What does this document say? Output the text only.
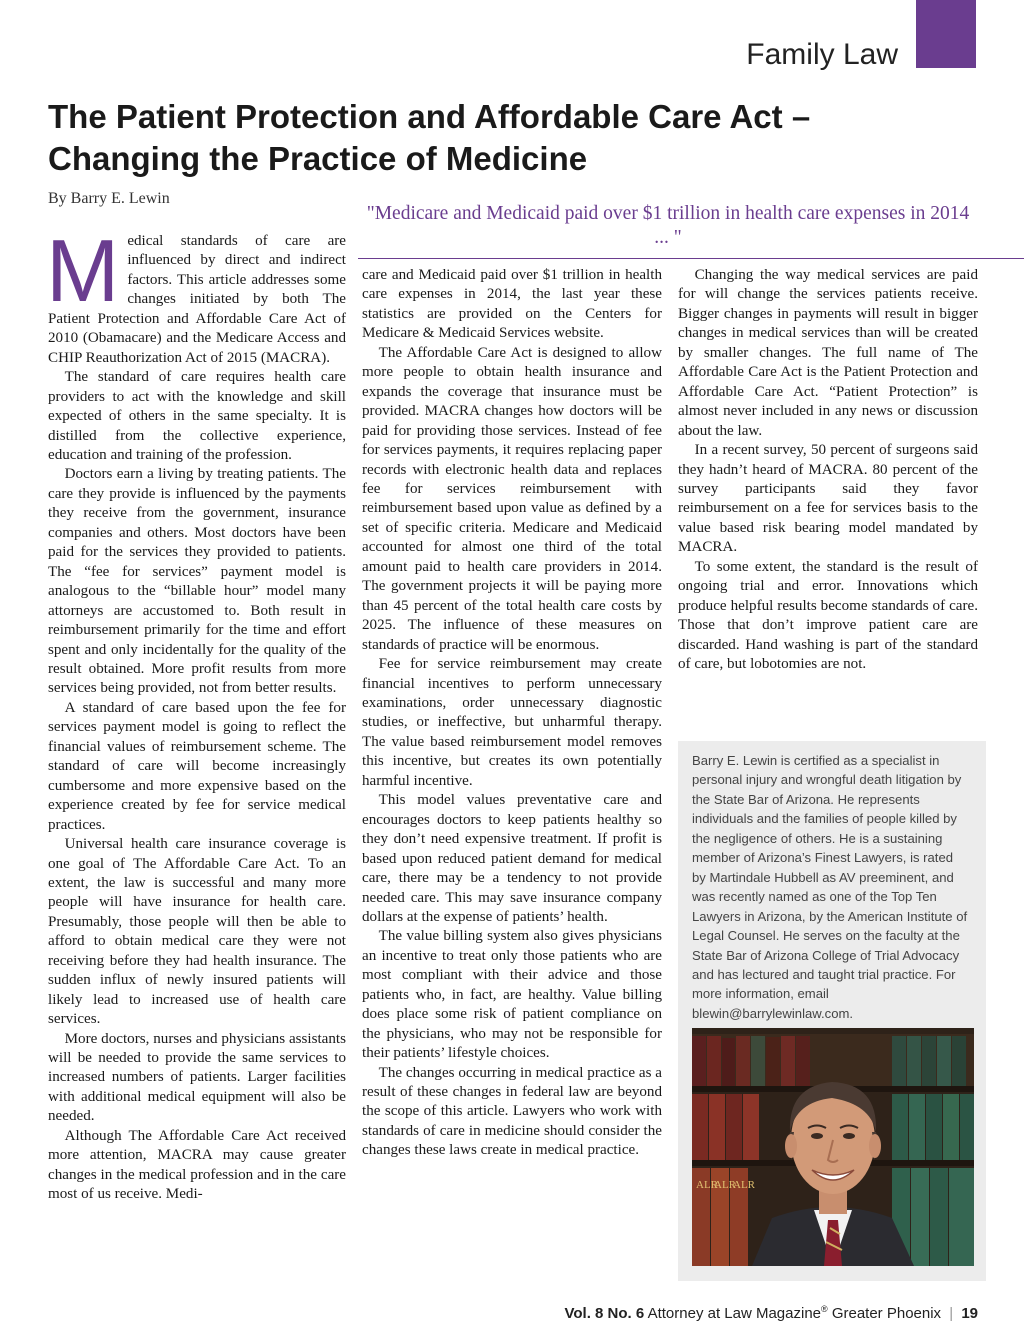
Family Law
The Patient Protection and Affordable Care Act – Changing the Practice of Medicine
By Barry E. Lewin
"Medicare and Medicaid paid over $1 trillion in health care expenses in 2014 ... "

Medical standards of care are influenced by direct and indirect factors. This article addresses some changes initiated by both The Patient Protection and Affordable Care Act of 2010 (Obamacare) and the Medicare Access and CHIP Reauthorization Act of 2015 (MACRA).

The standard of care requires health care providers to act with the knowledge and skill expected of others in the same specialty. It is distilled from the collective experience, education and training of the profession.

Doctors earn a living by treating patients. The care they provide is influenced by the payments they receive from the government, insurance companies and others. Most doctors have been paid for the services they provided to patients. The “fee for services” payment model is analogous to the “billable hour” model many attorneys are accustomed to. Both result in reimbursement primarily for the time and effort spent and only incidentally for the quality of the result obtained. More profit results from more services being provided, not from better results.

A standard of care based upon the fee for services payment model is going to reflect the financial values of reimbursement scheme. The standard of care will become increasingly cumbersome and more expensive based on the experience created by fee for service medical practices.

Universal health care insurance coverage is one goal of The Affordable Care Act. To an extent, the law is successful and many more people will have insurance for health care. Presumably, those people will then be able to afford to obtain medical care they were not receiving before they had health insurance. The sudden influx of newly insured patients will likely lead to increased use of health care services.

More doctors, nurses and physicians assistants will be needed to provide the same services to increased numbers of patients. Larger facilities with additional medical equipment will also be needed.

Although The Affordable Care Act received more attention, MACRA may cause greater changes in the medical profession and in the care most of us receive. Medi-

care and Medicaid paid over $1 trillion in health care expenses in 2014, the last year these statistics are provided on the Centers for Medicare & Medicaid Services website.

The Affordable Care Act is designed to allow more people to obtain health insurance and expands the coverage that insurance must be provided. MACRA changes how doctors will be paid for providing those services. Instead of fee for services payments, it requires replacing paper records with electronic health data and replaces fee for services reimbursement with reimbursement based upon value as defined by a set of specific criteria. Medicare and Medicaid accounted for almost one third of the total amount paid to health care providers in 2014. The government projects it will be paying more than 45 percent of the total health care costs by 2025. The influence of these measures on standards of practice will be enormous.

Fee for service reimbursement may create financial incentives to perform unnecessary examinations, order unnecessary diagnostic studies, or ineffective, but unharmful therapy. The value based reimbursement model removes this incentive, but creates its own potentially harmful incentive.

This model values preventative care and encourages doctors to keep patients healthy so they don’t need expensive treatment. If profit is based upon reduced patient demand for medical care, there may be a tendency to not provide needed care. This may save insurance company dollars at the expense of patients’ health.

The value billing system also gives physicians an incentive to treat only those patients who are most compliant with their advice and those patients who, in fact, are healthy. Value billing does place some risk of patient compliance on the physicians, who may not be responsible for their patients’ lifestyle choices.

The changes occurring in medical practice as a result of these changes in federal law are beyond the scope of this article. Lawyers who work with standards of care in medicine should consider the changes these laws create in medical practice.

Changing the way medical services are paid for will change the services patients receive. Bigger changes in payments will result in bigger changes in medical services than will be created by smaller changes. The full name of The Affordable Care Act is the Patient Protection and Affordable Care Act. “Patient Protection” is almost never included in any news or discussion about the law.

In a recent survey, 50 percent of surgeons said they hadn’t heard of MACRA. 80 percent of the survey participants said they favor reimbursement on a fee for services basis to the value based risk bearing model mandated by MACRA.

To some extent, the standard is the result of ongoing trial and error. Innovations which produce helpful results become standards of care. Those that don’t improve patient care are discarded. Hand washing is part of the standard of care, but lobotomies are not.

Barry E. Lewin is certified as a specialist in personal injury and wrongful death litigation by the State Bar of Arizona. He represents individuals and the families of people killed by the negligence of others. He is a sustaining member of Arizona’s Finest Lawyers, is rated by Martindale Hubbell as AV preeminent, and was recently named as one of the Top Ten Lawyers in Arizona, by the American Institute of Legal Counsel. He serves on the faculty at the State Bar of Arizona College of Trial Advocacy and has lectured and taught trial practice. For more information, email blewin@barrylewinlaw.com.
ALR
ALR
ALR
Vol. 8 No. 6 Attorney at Law Magazine® Greater Phoenix | 19
